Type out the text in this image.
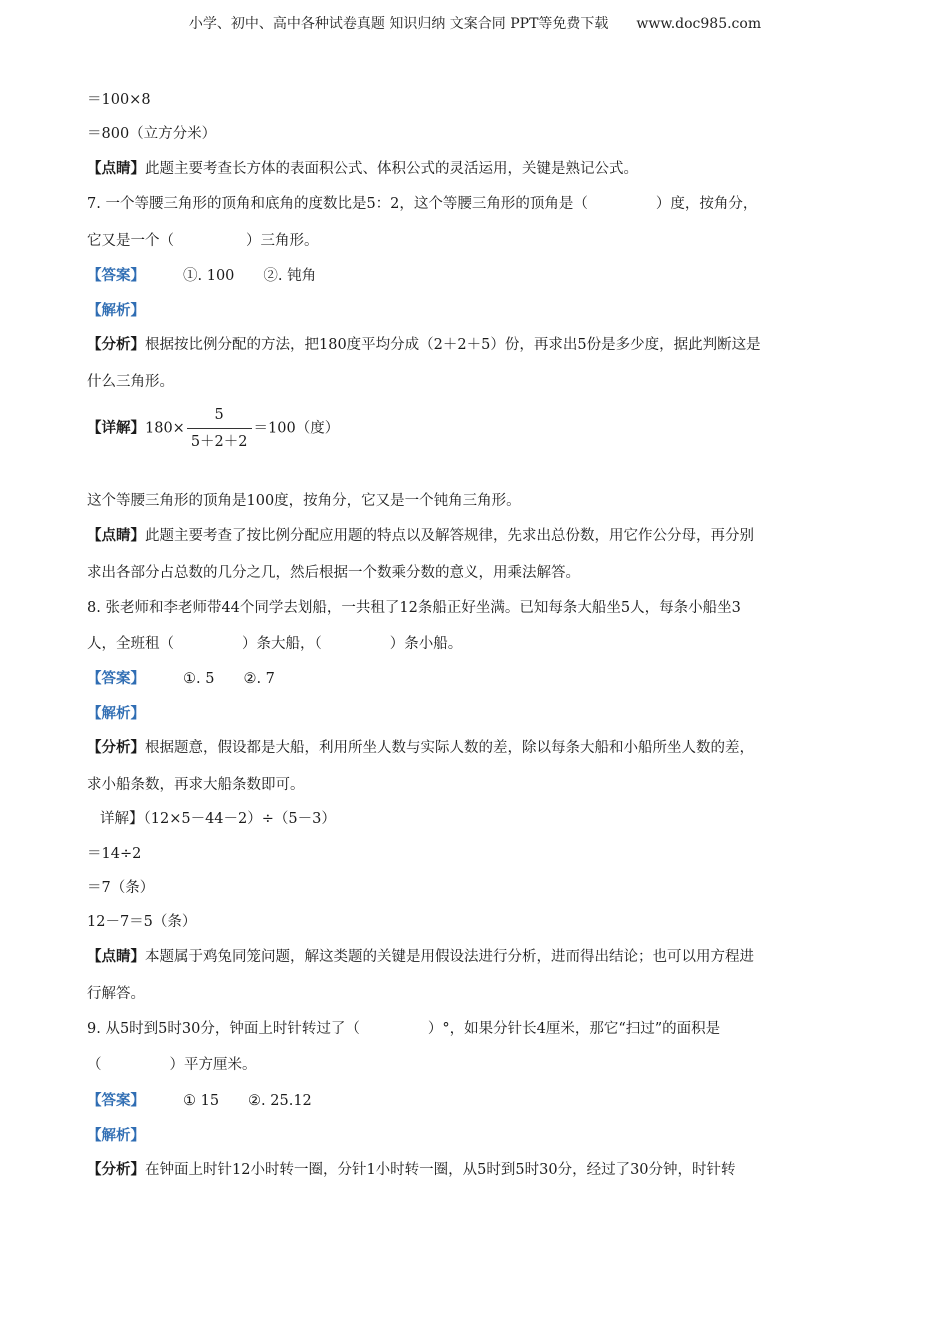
小学、初中、高中各种试卷真题 知识归纳 文案合同 PPT等免费下载　　www.doc985.com
＝100×8
＝800（立方分米）
【点睛】此题主要考查长方体的表面积公式、体积公式的灵活运用，关键是熟记公式。
7. 一个等腰三角形的顶角和底角的度数比是5：2，这个等腰三角形的顶角是（	）度，按角分，
它又是一个（	）三角形。
【答案】	①. 100　　②. 钝角
【解析】
【分析】根据按比例分配的方法，把180度平均分成（2＋2＋5）份，再求出5份是多少度，据此判断这是
什么三角形。
【详解】$180\times \frac{5}{5+2+2} =100$（度）
这个等腰三角形的顶角是100度，按角分，它又是一个钝角三角形。
【点睛】此题主要考查了按比例分配应用题的特点以及解答规律，先求出总份数，用它作公分母，再分别
求出各部分占总数的几分之几，然后根据一个数乘分数的意义，用乘法解答。
8. 张老师和李老师带44个同学去划船，一共租了12条船正好坐满。已知每条大船坐5人，每条小船坐3
人，全班租（	）条大船，（	）条小船。
【答案】	①. 5　　②. 7
【解析】
【分析】根据题意，假设都是大船，利用所坐人数与实际人数的差，除以每条大船和小船所坐人数的差，
求小船条数，再求大船条数即可。
详解】（12×5－44－2）÷（5－3）
＝14÷2
＝7（条）
12－7＝5（条）
【点睛】本题属于鸡兔同笼问题，解这类题的关键是用假设法进行分析，进而得出结论；也可以用方程进
行解答。
9. 从5时到5时30分，钟面上时针转过了（	）°，如果分针长4厘米，那它“扫过”的面积是
（	）平方厘米。
【答案】	① 15　　②. 25.12
【解析】
【分析】在钟面上时针12小时转一圈，分针1小时转一圈，从5时到5时30分，经过了30分钟，时针转
